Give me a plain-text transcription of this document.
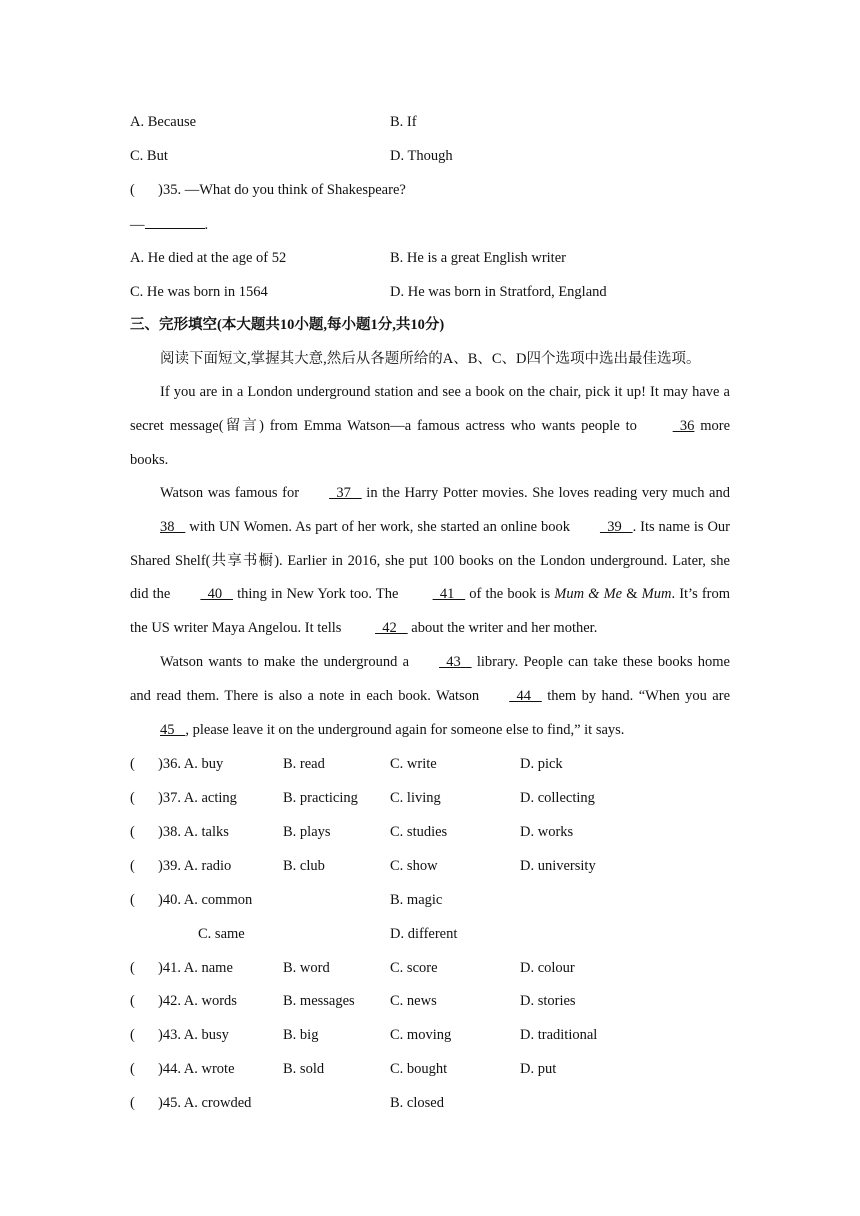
A. Because	B. If
C. But	D. Though
( ) 35. —What do you think of Shakespeare?
—	.
A. He died at the age of 52	B. He is a great English writer
C. He was born in 1564	D. He was born in Stratford, England
三、完形填空(本大题共10小题,每小题1分,共10分)
阅读下面短文,掌握其大意,然后从各题所给的A、B、C、D四个选项中选出最佳选项。

If you are in a London underground station and see a book on the chair, pick it up! It may have a secret message(留言) from Emma Watson—a famous actress who wants people to   36 more books.

Watson was famous for  37    in the Harry Potter movies. She loves reading very much and 38    with UN Women. As part of her work, she started an online book  39   . Its name is Our Shared Shelf(共享书橱). Earlier in 2016, she put 100 books on the London underground. Later, she did the  40    thing in New York too. The   41    of the book is Mum & Me & Mum. It’s from the US writer Maya Angelou. It tells   42    about the writer and her mother.

Watson wants to make the underground a  43    library. People can take these books home and read them. There is also a note in each book. Watson  44    them by hand. “When you are 45   , please leave it on the underground again for someone else to find,” it says.

( )36. A. buy	B. read	C. write	D. pick
( )37. A. acting	B. practicing C. living	D. collecting
( )38. A. talks	B. plays	C. studies	D. works
( )39. A. radio	B. club	C. show	D. university
( )40. A. common	B. magic
C. same	D. different
( )41. A. name	B. word	C. score	D. colour
( )42. A. words	B. messages C. news	D. stories
( )43. A. busy	B. big	C. moving	D. traditional
( )44. A. wrote	B. sold	C. bought	D. put
( )45. A. crowded	B. closed
